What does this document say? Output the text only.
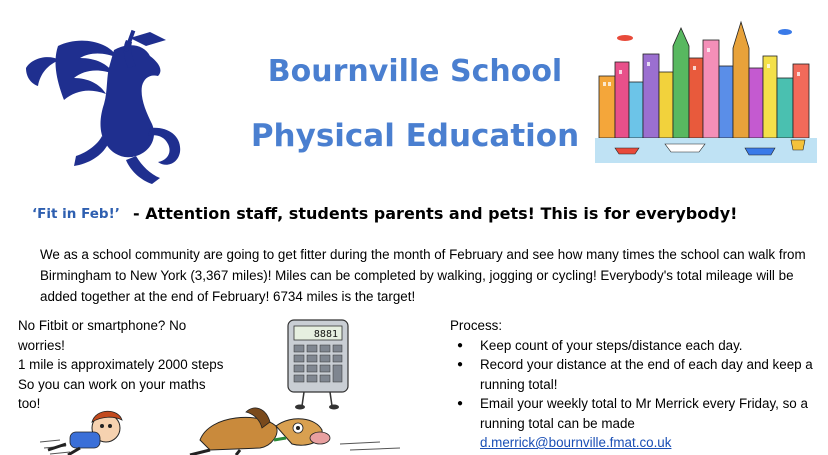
Bournville School
Physical Education
‘Fit in Feb!’ - Attention staff, students parents and pets! This is for everybody!

We as a school community are going to get fitter during the month of February and see how many times the school can walk from Birmingham to New York (3,367 miles)! Miles can be completed by walking, jogging or cycling! Everybody's total mileage will be added together at the end of February! 6734 miles is the target!

No Fitbit or smartphone? No
worries!
1 mile is approximately 2000 steps
So you can work on your maths
too!
8881
Process:
● Keep count of your steps/distance each day.
● Record your distance at the end of each day and keep a running total!
● Email your weekly total to Mr Merrick every Friday, so a running total can be made
d.merrick@bournville.fmat.co.uk
